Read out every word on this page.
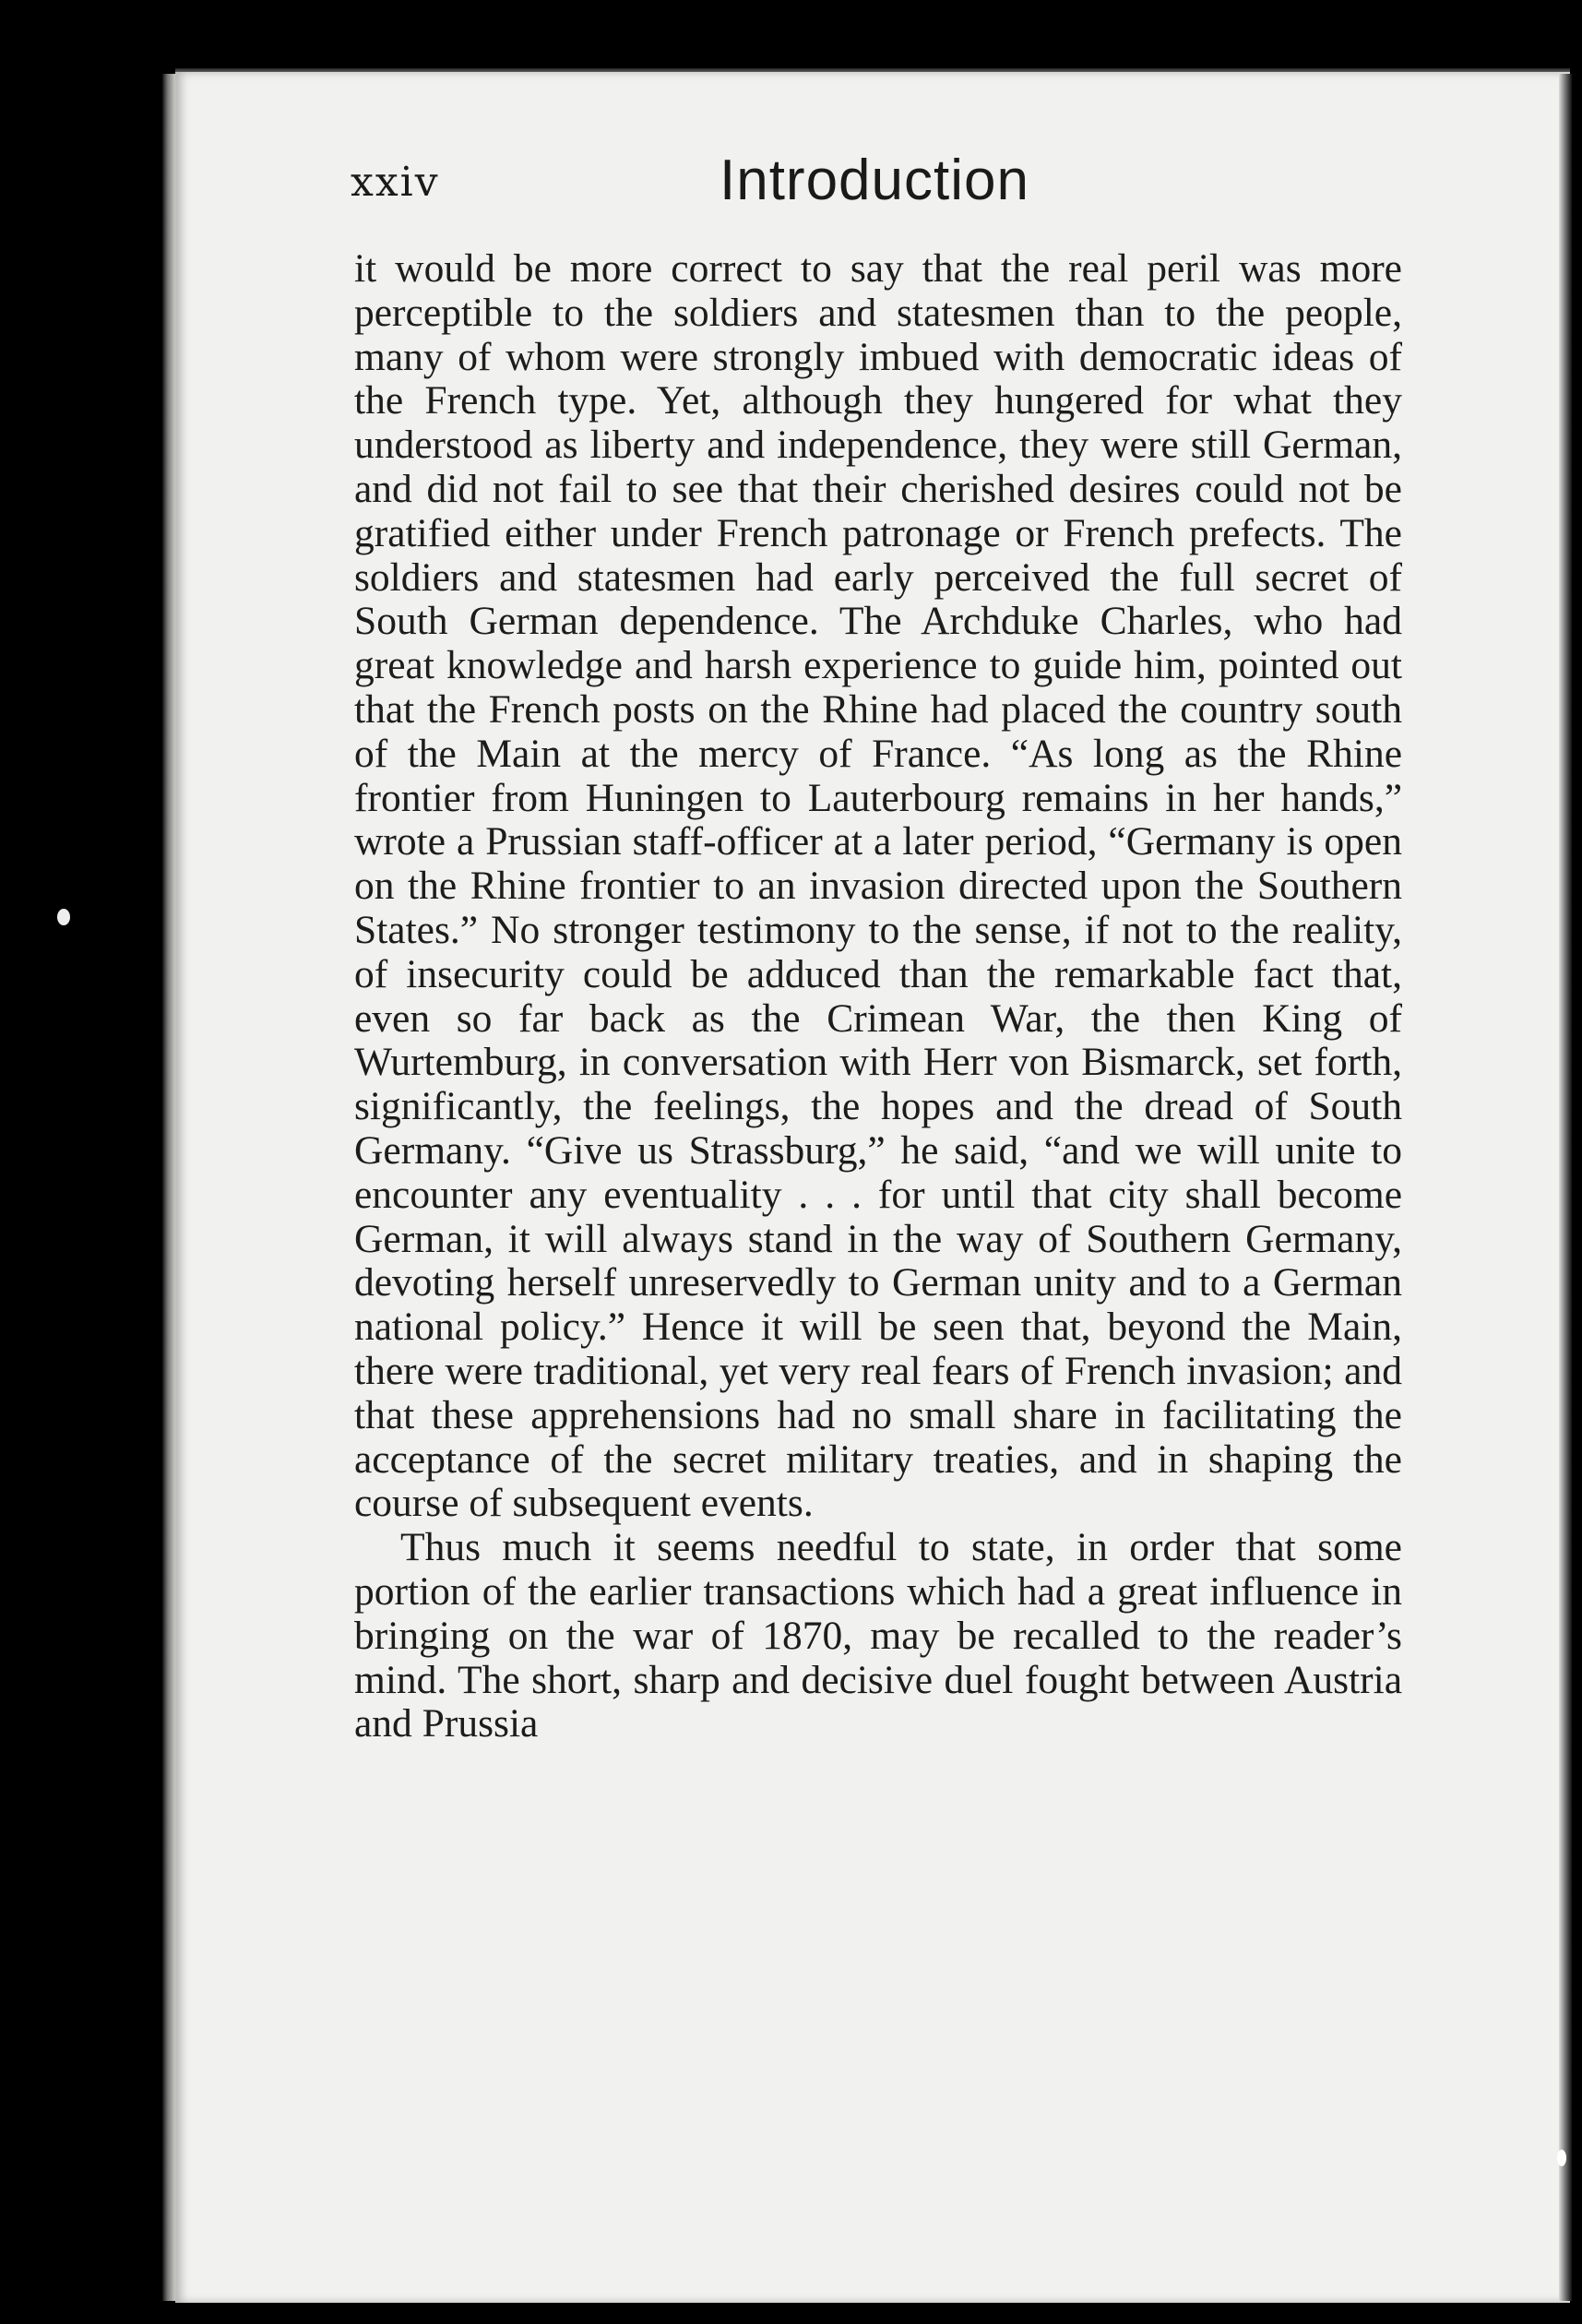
xxiv	Introduction

it would be more correct to say that the real peril was more perceptible to the soldiers and statesmen than to the people, many of whom were strongly imbued with democratic ideas of the French type. Yet, although they hungered for what they understood as liberty and independence, they were still German, and did not fail to see that their cherished desires could not be gratified either under French patronage or French prefects. The soldiers and statesmen had early perceived the full secret of South German dependence. The Archduke Charles, who had great knowledge and harsh experience to guide him, pointed out that the French posts on the Rhine had placed the country south of the Main at the mercy of France. “As long as the Rhine frontier from Huningen to Lauterbourg remains in her hands,” wrote a Prussian staff-officer at a later period, “Germany is open on the Rhine frontier to an invasion directed upon the Southern States.” No stronger testimony to the sense, if not to the reality, of insecurity could be adduced than the remarkable fact that, even so far back as the Crimean War, the then King of Wurtemburg, in conversation with Herr von Bismarck, set forth, significantly, the feelings, the hopes and the dread of South Germany. “Give us Strassburg,” he said, “and we will unite to encounter any eventuality . . . for until that city shall become German, it will always stand in the way of Southern Germany, devoting herself unreservedly to German unity and to a German national policy.” Hence it will be seen that, beyond the Main, there were traditional, yet very real fears of French invasion; and that these apprehensions had no small share in facilitating the acceptance of the secret military treaties, and in shaping the course of subsequent events.

Thus much it seems needful to state, in order that some portion of the earlier transactions which had a great influence in bringing on the war of 1870, may be recalled to the reader’s mind. The short, sharp and decisive duel fought between Austria and Prussia
